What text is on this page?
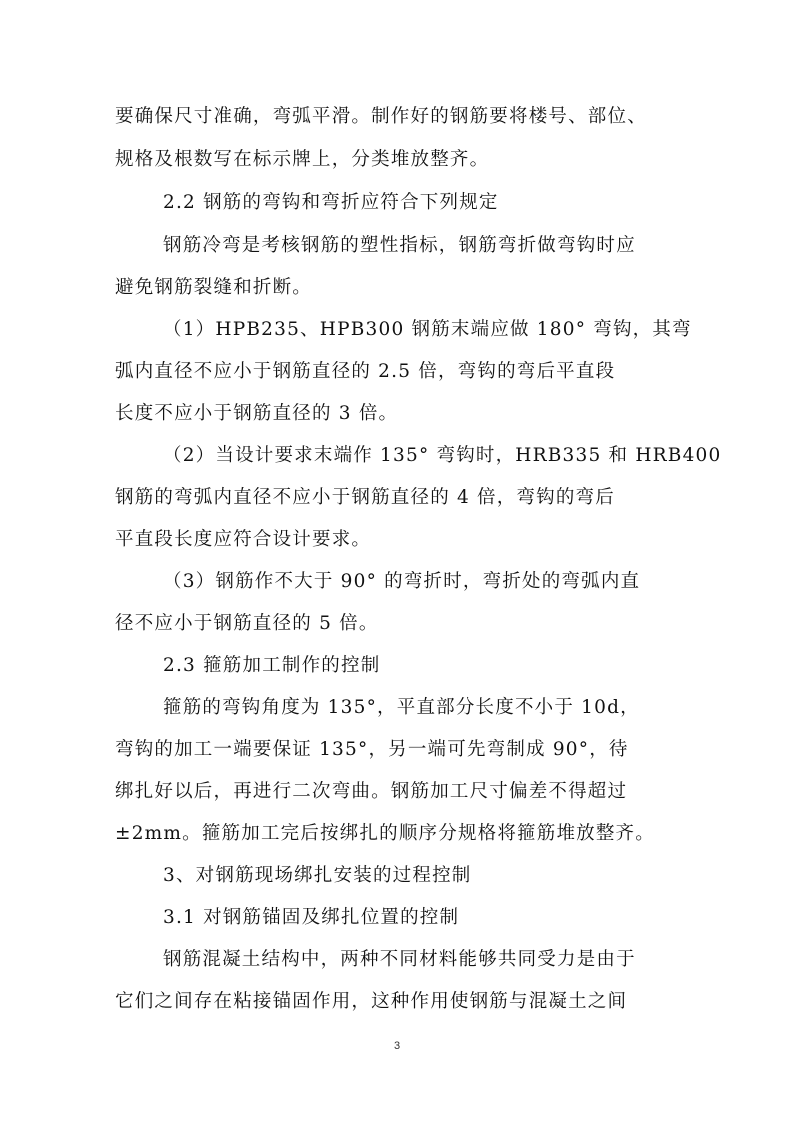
要确保尺寸准确，弯弧平滑。制作好的钢筋要将楼号、部位、
规格及根数写在标示牌上，分类堆放整齐。
2.2 钢筋的弯钩和弯折应符合下列规定
钢筋冷弯是考核钢筋的塑性指标，钢筋弯折做弯钩时应
避免钢筋裂缝和折断。
（1）HPB235、HPB300 钢筋末端应做 180° 弯钩，其弯
弧内直径不应小于钢筋直径的 2.5 倍，弯钩的弯后平直段
长度不应小于钢筋直径的 3 倍。
（2）当设计要求末端作 135° 弯钩时，HRB335 和 HRB400
钢筋的弯弧内直径不应小于钢筋直径的 4 倍，弯钩的弯后
平直段长度应符合设计要求。
（3）钢筋作不大于 90° 的弯折时，弯折处的弯弧内直
径不应小于钢筋直径的 5 倍。
2.3 箍筋加工制作的控制
箍筋的弯钩角度为 135°，平直部分长度不小于 10d，
弯钩的加工一端要保证 135°，另一端可先弯制成 90°，待
绑扎好以后，再进行二次弯曲。钢筋加工尺寸偏差不得超过
±2mm。箍筋加工完后按绑扎的顺序分规格将箍筋堆放整齐。
3、对钢筋现场绑扎安装的过程控制
3.1 对钢筋锚固及绑扎位置的控制
钢筋混凝土结构中，两种不同材料能够共同受力是由于
它们之间存在粘接锚固作用，这种作用使钢筋与混凝土之间
3
